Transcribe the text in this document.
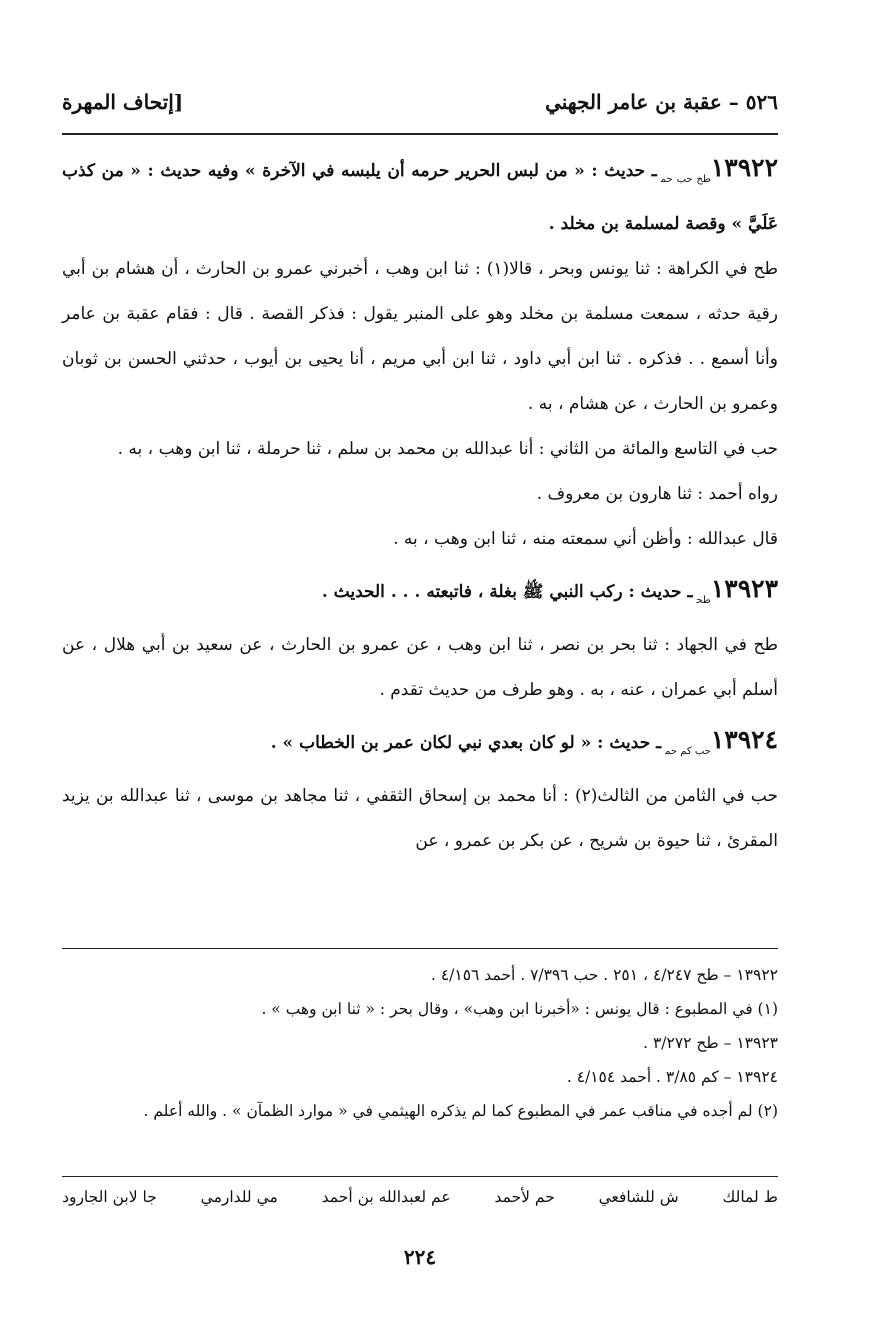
٥٢٦ – عقبة بن عامر الجهني
[إتحاف المهرة

$١٣٩٢٢_{طح حب حم}ـ$ حديث : « من لبس الحرير حرمه أن يلبسه في الآخرة » وفيه حديث : « من كذب عَلَيَّ » وقصة لمسلمة بن مخلد .

طح في الكراهة : ثنا يونس وبحر ، قالا(١) : ثنا ابن وهب ، أخبرني عمرو بن الحارث ، أن هشام بن أبي رقية حدثه ، سمعت مسلمة بن مخلد وهو على المنبر يقول : فذكر القصة . قال : فقام عقبة بن عامر وأنا أسمع . . فذكره . ثنا ابن أبي داود ، ثنا ابن أبي مريم ، أنا يحيى بن أيوب ، حدثني الحسن بن ثوبان وعمرو بن الحارث ، عن هشام ، به .

حب في التاسع والمائة من الثاني : أنا عبدالله بن محمد بن سلم ، ثنا حرملة ، ثنا ابن وهب ، به .

رواه أحمد : ثنا هارون بن معروف .

قال عبدالله : وأظن أني سمعته منه ، ثنا ابن وهب ، به .

$١٣٩٢٣_{طح}ـ$ حديث : ركب النبي ﷺ بغلة ، فاتبعته . . . الحديث .

طح في الجهاد : ثنا بحر بن نصر ، ثنا ابن وهب ، عن عمرو بن الحارث ، عن سعيد بن أبي هلال ، عن أسلم أبي عمران ، عنه ، به . وهو طرف من حديث تقدم .

$١٣٩٢٤_{حب كم حم}ـ$ حديث : « لو كان بعدي نبي لكان عمر بن الخطاب » .

حب في الثامن من الثالث(٢) : أنا محمد بن إسحاق الثقفي ، ثنا مجاهد بن موسى ، ثنا عبدالله بن يزيد المقرئ ، ثنا حيوة بن شريح ، عن بكر بن عمرو ، عن

١٣٩٢٢ – طح ٤/٢٤٧ ، ٢٥١ . حب ٧/٣٩٦ . أحمد ٤/١٥٦ .

(١) في المطبوع : قال يونس : «أخبرنا ابن وهب» ، وقال بحر : « ثنا ابن وهب » .

١٣٩٢٣ – طح ٣/٢٧٢ .

١٣٩٢٤ – كم ٣/٨٥ . أحمد ٤/١٥٤ .

(٢) لم أجده في مناقب عمر في المطبوع كما لم يذكره الهيثمي في « موارد الظمآن » . والله أعلم .

ط لمالك
ش للشافعي
حم لأحمد
عم لعبدالله بن أحمد
مي للدارمي
جا لابن الجارود
٢٢٤
